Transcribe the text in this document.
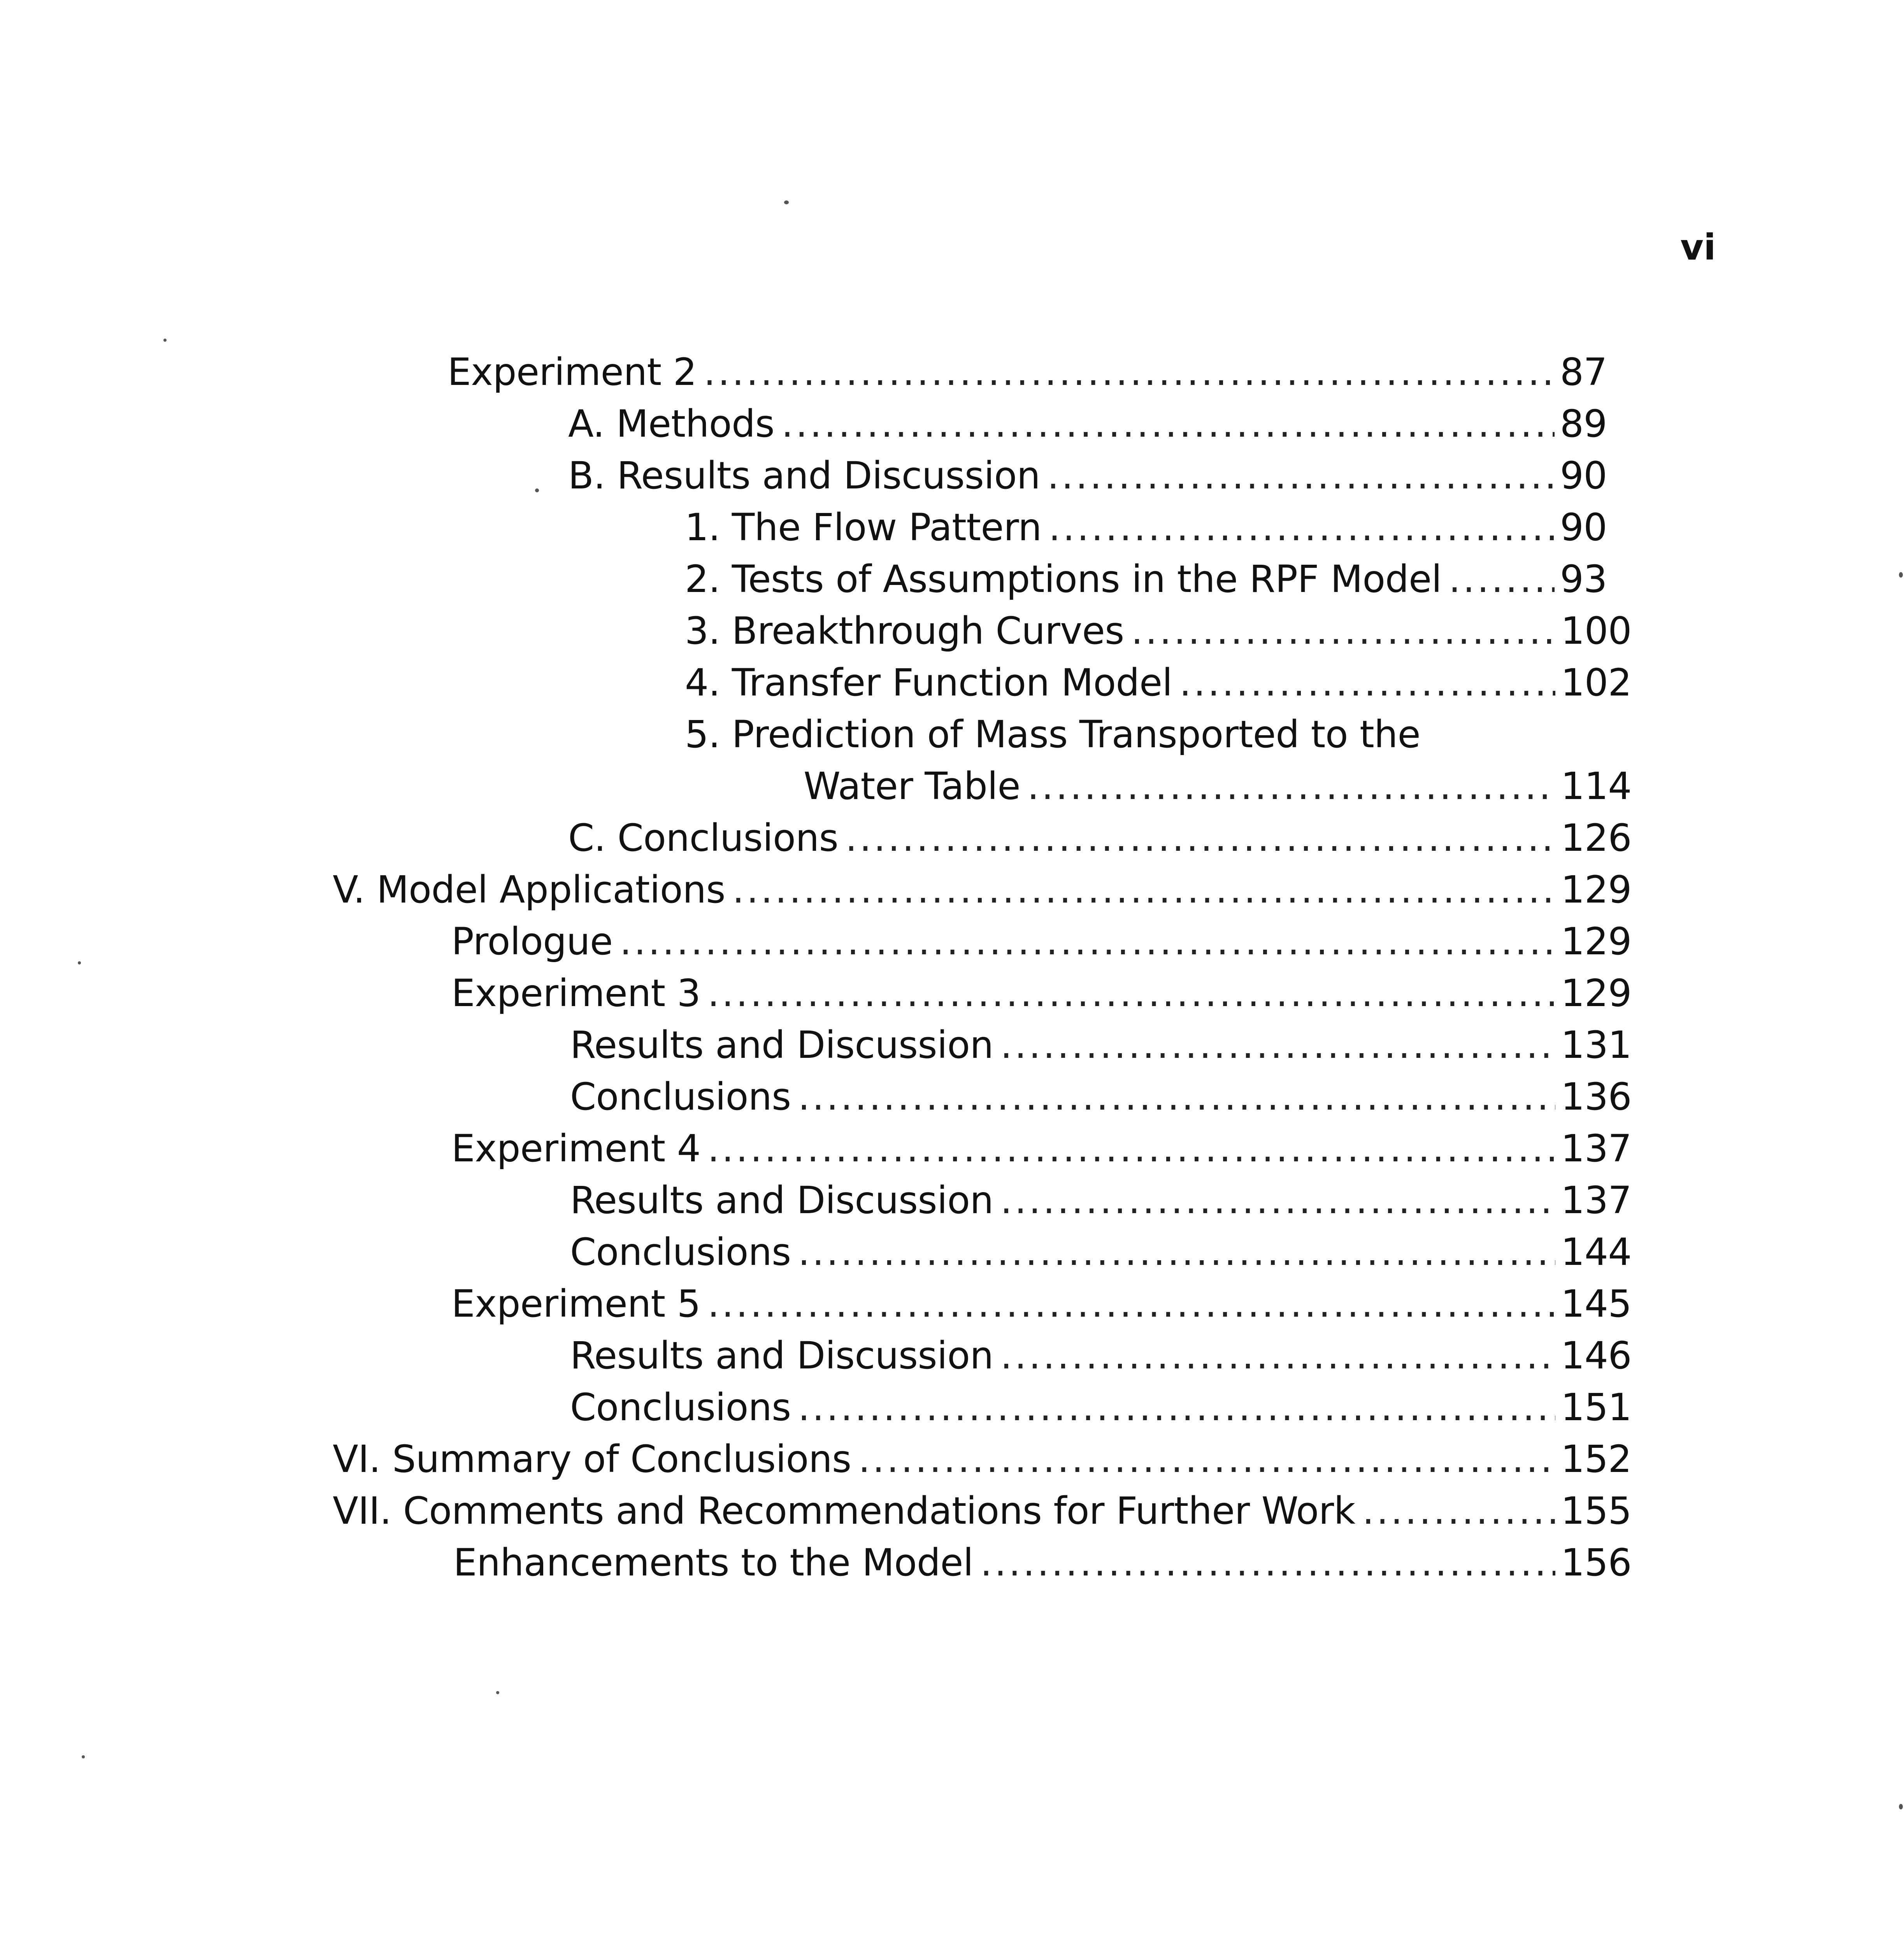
vi
Experiment 2 .....	87
A. Methods .....	89
B. Results and Discussion .....	90
1. The Flow Pattern .....	90
2. Tests of Assumptions in the RPF Model .....	93
3. Breakthrough Curves .....	100
4. Transfer Function Model .....	102
5. Prediction of Mass Transported to the
Water Table .....	114
C. Conclusions .....	126
V. Model Applications .....	129
Prologue .....	129
Experiment 3 .....	129
Results and Discussion .....	131
Conclusions .....	136
Experiment 4 .....	137
Results and Discussion .....	137
Conclusions .....	144
Experiment 5 .....	145
Results and Discussion .....	146
Conclusions .....	151
VI. Summary of Conclusions .....	152
VII. Comments and Recommendations for Further Work .....	155
Enhancements to the Model .....	156
